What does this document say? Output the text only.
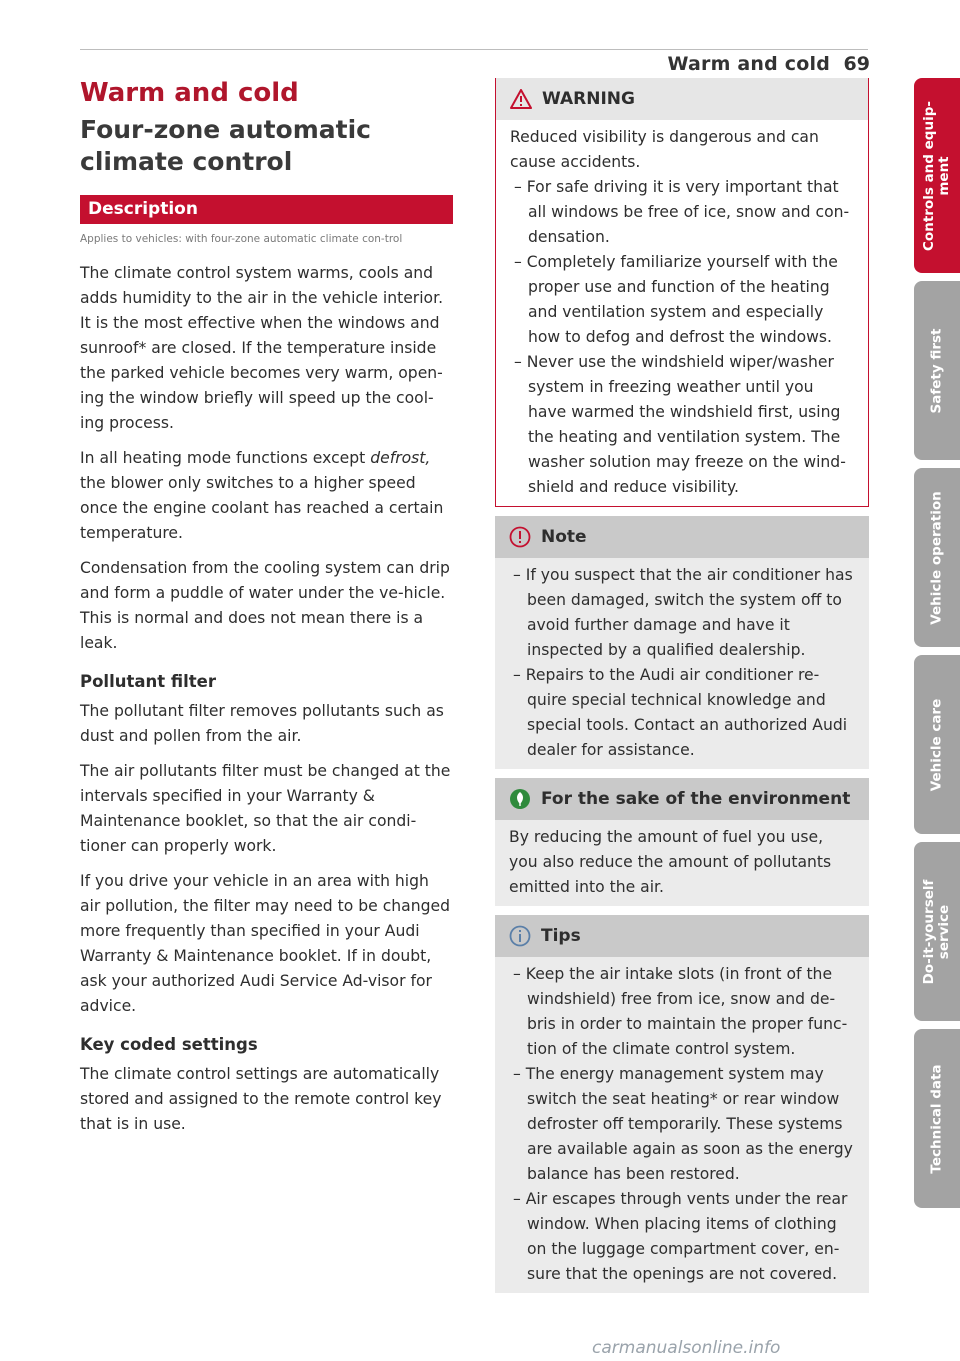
Warm and cold 69
Warm and cold
Four-zone automatic climate control
Description
Applies to vehicles: with four-zone automatic climate con-trol

The climate control system warms, cools and adds humidity to the air in the vehicle interior. It is the most effective when the windows and sunroof* are closed. If the temperature inside the parked vehicle becomes very warm, open-ing the window briefly will speed up the cool-ing process.

In all heating mode functions except defrost, the blower only switches to a higher speed once the engine coolant has reached a certain temperature.

Condensation from the cooling system can drip and form a puddle of water under the ve-hicle. This is normal and does not mean there is a leak.

Pollutant filter

The pollutant filter removes pollutants such as dust and pollen from the air.

The air pollutants filter must be changed at the intervals specified in your Warranty & Maintenance booklet, so that the air condi-tioner can properly work.

If you drive your vehicle in an area with high air pollution, the filter may need to be changed more frequently than specified in your Audi Warranty & Maintenance booklet. If in doubt, ask your authorized Audi Service Ad-visor for advice.

Key coded settings

The climate control settings are automatically stored and assigned to the remote control key that is in use.

WARNING

Reduced visibility is dangerous and can cause accidents.

– For safe driving it is very important that all windows be free of ice, snow and con-densation.
– Completely familiarize yourself with the proper use and function of the heating and ventilation system and especially how to defog and defrost the windows.
– Never use the windshield wiper/washer system in freezing weather until you have warmed the windshield first, using the heating and ventilation system. The washer solution may freeze on the wind-shield and reduce visibility.
Note
– If you suspect that the air conditioner has been damaged, switch the system off to avoid further damage and have it inspected by a qualified dealership.
– Repairs to the Audi air conditioner re-quire special technical knowledge and special tools. Contact an authorized Audi dealer for assistance.
For the sake of the environment

By reducing the amount of fuel you use, you also reduce the amount of pollutants emitted into the air.

Tips
– Keep the air intake slots (in front of the windshield) free from ice, snow and de-bris in order to maintain the proper func-tion of the climate control system.
– The energy management system may switch the seat heating* or rear window defroster off temporarily. These systems are available again as soon as the energy balance has been restored.
– Air escapes through vents under the rear window. When placing items of clothing on the luggage compartment cover, en-sure that the openings are not covered.
Controls and equip- ment
Safety first
Vehicle operation
Vehicle care
Do-it-yourself service
Technical data
carmanualsonline.info
